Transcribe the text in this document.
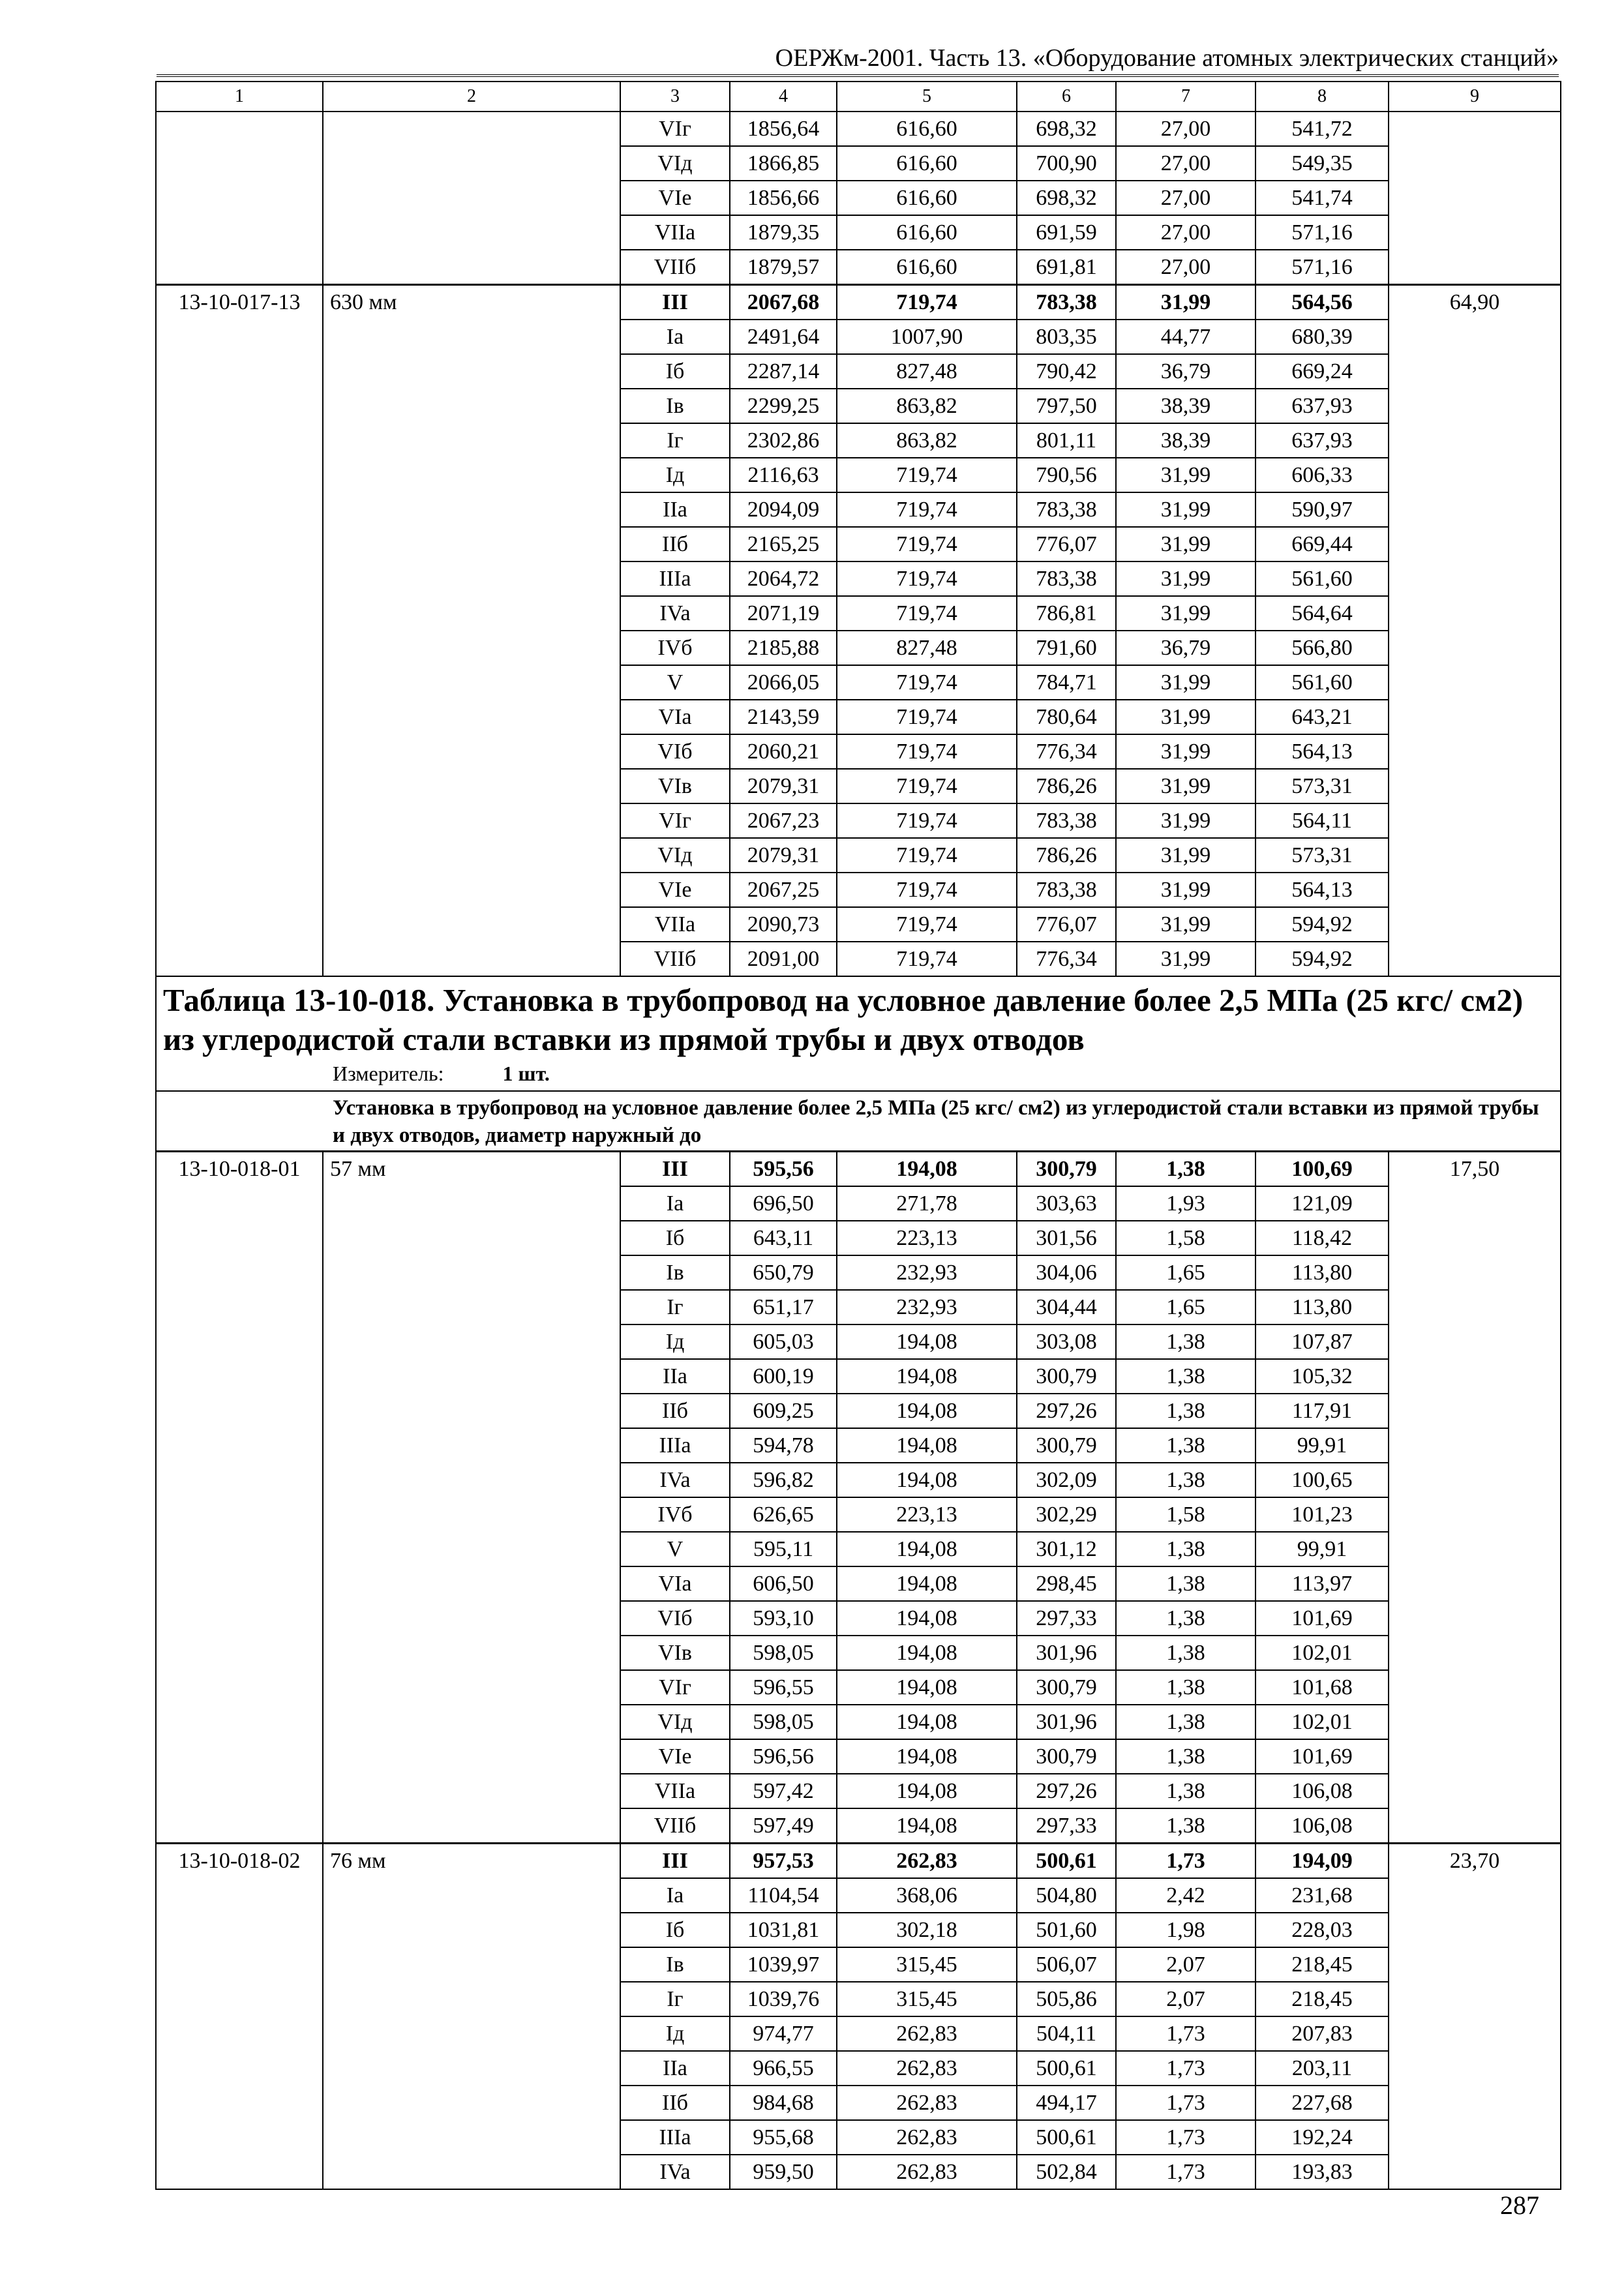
ОЕРЖм-2001. Часть 13. «Оборудование атомных электрических станций»
1	2	3	4	5	6	7	8	9
		VIг	1856,64	616,60	698,32	27,00	541,72	
		VIд	1866,85	616,60	700,90	27,00	549,35	
		VIe	1856,66	616,60	698,32	27,00	541,74	
		VIIa	1879,35	616,60	691,59	27,00	571,16	
		VIIб	1879,57	616,60	691,81	27,00	571,16	
13-10-017-13	630 мм	III	2067,68	719,74	783,38	31,99	564,56	64,90
		Ia	2491,64	1007,90	803,35	44,77	680,39	
		Iб	2287,14	827,48	790,42	36,79	669,24	
		Iв	2299,25	863,82	797,50	38,39	637,93	
		Iг	2302,86	863,82	801,11	38,39	637,93	
		Iд	2116,63	719,74	790,56	31,99	606,33	
		IIa	2094,09	719,74	783,38	31,99	590,97	
		IIб	2165,25	719,74	776,07	31,99	669,44	
		IIIa	2064,72	719,74	783,38	31,99	561,60	
		IVa	2071,19	719,74	786,81	31,99	564,64	
		IVб	2185,88	827,48	791,60	36,79	566,80	
		V	2066,05	719,74	784,71	31,99	561,60	
		VIa	2143,59	719,74	780,64	31,99	643,21	
		VIб	2060,21	719,74	776,34	31,99	564,13	
		VIв	2079,31	719,74	786,26	31,99	573,31	
		VIг	2067,23	719,74	783,38	31,99	564,11	
		VIд	2079,31	719,74	786,26	31,99	573,31	
		VIe	2067,25	719,74	783,38	31,99	564,13	
		VIIa	2090,73	719,74	776,07	31,99	594,92	
		VIIб	2091,00	719,74	776,34	31,99	594,92	
Таблица 13-10-018. Установка в трубопровод на условное давление более 2,5 МПа (25 кгс/ см2) из углеродистой стали вставки из прямой трубы и двух отводов
Измеритель: 1 шт.								

Установка в трубопровод на условное давление более 2,5 МПа (25 кгс/ см2) из углеродистой стали вставки из прямой трубы и двух отводов, диаметр наружный до								
13-10-018-01	57 мм	III	595,56	194,08	300,79	1,38	100,69	17,50
		Ia	696,50	271,78	303,63	1,93	121,09	
		Iб	643,11	223,13	301,56	1,58	118,42	
		Iв	650,79	232,93	304,06	1,65	113,80	
		Iг	651,17	232,93	304,44	1,65	113,80	
		Iд	605,03	194,08	303,08	1,38	107,87	
		IIa	600,19	194,08	300,79	1,38	105,32	
		IIб	609,25	194,08	297,26	1,38	117,91	
		IIIa	594,78	194,08	300,79	1,38	99,91	
		IVa	596,82	194,08	302,09	1,38	100,65	
		IVб	626,65	223,13	302,29	1,58	101,23	
		V	595,11	194,08	301,12	1,38	99,91	
		VIa	606,50	194,08	298,45	1,38	113,97	
		VIб	593,10	194,08	297,33	1,38	101,69	
		VIв	598,05	194,08	301,96	1,38	102,01	
		VIг	596,55	194,08	300,79	1,38	101,68	
		VIд	598,05	194,08	301,96	1,38	102,01	
		VIe	596,56	194,08	300,79	1,38	101,69	
		VIIa	597,42	194,08	297,26	1,38	106,08	
		VIIб	597,49	194,08	297,33	1,38	106,08	
13-10-018-02	76 мм	III	957,53	262,83	500,61	1,73	194,09	23,70
		Ia	1104,54	368,06	504,80	2,42	231,68	
		Iб	1031,81	302,18	501,60	1,98	228,03	
		Iв	1039,97	315,45	506,07	2,07	218,45	
		Iг	1039,76	315,45	505,86	2,07	218,45	
		Iд	974,77	262,83	504,11	1,73	207,83	
		IIa	966,55	262,83	500,61	1,73	203,11	
		IIб	984,68	262,83	494,17	1,73	227,68	
		IIIa	955,68	262,83	500,61	1,73	192,24	
		IVa	959,50	262,83	502,84	1,73	193,83	
287
